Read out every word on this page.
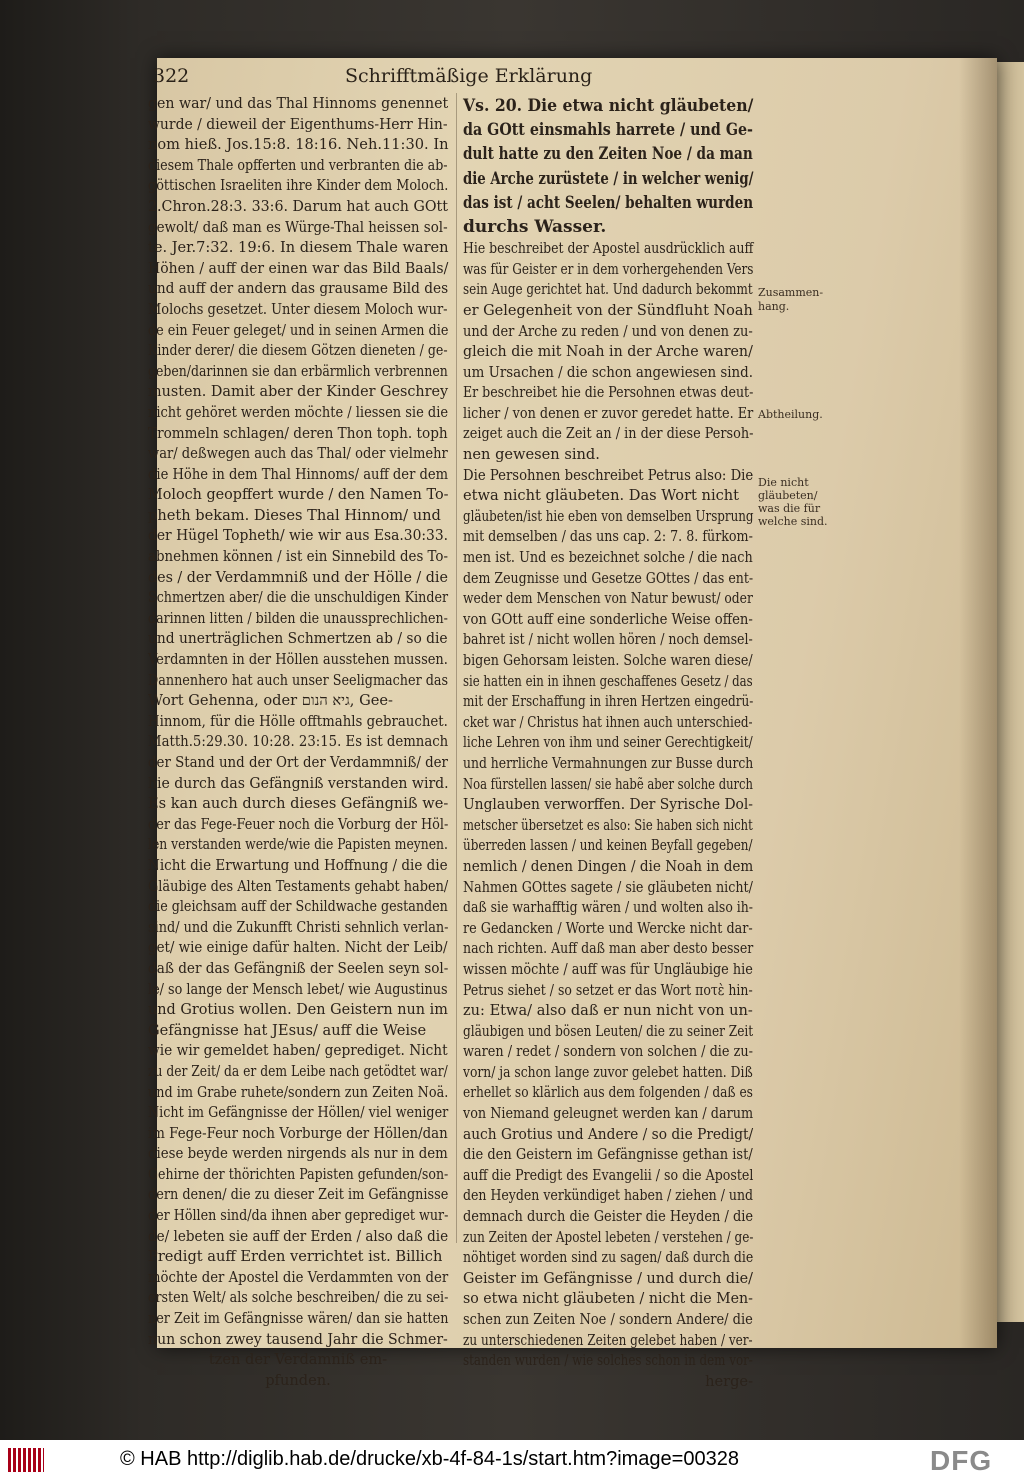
322	Schrifftmäßige Erklärung
gen war/ und das Thal Hinnoms genennet
wurde / dieweil der Eigenthums-Herr Hin-
nom hieß. Jos.15:8. 18:16. Neh.11:30. In
diesem Thale opfferten und verbranten die ab-
göttischen Israeliten ihre Kinder dem Moloch.
2.Chron.28:3. 33:6. Darum hat auch GOtt
gewolt/ daß man es Würge-Thal heissen sol-
te. Jer.7:32. 19:6. In diesem Thale waren
Höhen / auff der einen war das Bild Baals/
und auff der andern das grausame Bild des
Molochs gesetzet. Unter diesem Moloch wur-
de ein Feuer geleget/ und in seinen Armen die
Kinder derer/ die diesem Götzen dieneten / ge-
geben/darinnen sie dan erbärmlich verbrennen
musten. Damit aber der Kinder Geschrey
nicht gehöret werden möchte / liessen sie die
Trommeln schlagen/ deren Thon toph. toph
war/ deßwegen auch das Thal/ oder vielmehr
die Höhe in dem Thal Hinnoms/ auff der dem
Moloch geopffert wurde / den Namen To-
pheth bekam. Dieses Thal Hinnom/ und
der Hügel Topheth/ wie wir aus Esa.30:33.
abnehmen können / ist ein Sinnebild des To-
des / der Verdammniß und der Hölle / die
Schmertzen aber/ die die unschuldigen Kinder
darinnen litten / bilden die unaussprechlichen-
und unerträglichen Schmertzen ab / so die
Verdamnten in der Höllen ausstehen mussen.
Dannenhero hat auch unser Seeligmacher das
Wort Gehenna, oder גיא הנום, Gee-
Hinnom, für die Hölle offtmahls gebrauchet.
Matth.5:29.30. 10:28. 23:15. Es ist demnach
der Stand und der Ort der Verdammniß/ der
hie durch das Gefängniß verstanden wird.
Es kan auch durch dieses Gefängniß we-
der das Fege-Feuer noch die Vorburg der Höl-
len verstanden werde/wie die Papisten meynen.
Nicht die Erwartung und Hoffnung / die die
Gläubige des Alten Testaments gehabt haben/
die gleichsam auff der Schildwache gestanden
sind/ und die Zukunfft Christi sehnlich verlan-
get/ wie einige dafür halten. Nicht der Leib/
daß der das Gefängniß der Seelen seyn sol-
le/ so lange der Mensch lebet/ wie Augustinus
und Grotius wollen. Den Geistern nun im
Gefängnisse hat JEsus/ auff die Weise
wie wir gemeldet haben/ geprediget. Nicht
zu der Zeit/ da er dem Leibe nach getödtet war/
und im Grabe ruhete/sondern zun Zeiten Noä.
Nicht im Gefängnisse der Höllen/ viel weniger
im Fege-Feur noch Vorburge der Höllen/dan
diese beyde werden nirgends als nur in dem
Gehirne der thörichten Papisten gefunden/son-
dern denen/ die zu dieser Zeit im Gefängnisse
der Höllen sind/da ihnen aber geprediget wur-
de/ lebeten sie auff der Erden / also daß die
Predigt auff Erden verrichtet ist. Billich
möchte der Apostel die Verdammten von der
ersten Welt/ als solche beschreiben/ die zu sei-
ner Zeit im Gefängnisse wären/ dan sie hatten
nun schon zwey tausend Jahr die Schmer-
tzen der Verdamniß em-
pfunden.
Vs. 20. Die etwa nicht gläubeten/
da GOtt einsmahls harrete / und Ge-
dult hatte zu den Zeiten Noe / da man
die Arche zurüstete / in welcher wenig/
das ist / acht Seelen/ behalten wurden
durchs Wasser.
Hie beschreibet der Apostel ausdrücklich auff
was für Geister er in dem vorhergehenden Vers
sein Auge gerichtet hat. Und dadurch bekommt
er Gelegenheit von der Sündfluht Noah
und der Arche zu reden / und von denen zu-
gleich die mit Noah in der Arche waren/
um Ursachen / die schon angewiesen sind.
Er beschreibet hie die Persohnen etwas deut-
licher / von denen er zuvor geredet hatte. Er
zeiget auch die Zeit an / in der diese Persoh-
nen gewesen sind.
Die Persohnen beschreibet Petrus also: Die
etwa nicht gläubeten. Das Wort nicht
gläubeten/ist hie eben von demselben Ursprung
mit demselben / das uns cap. 2: 7. 8. fürkom-
men ist. Und es bezeichnet solche / die nach
dem Zeugnisse und Gesetze GOttes / das ent-
weder dem Menschen von Natur bewust/ oder
von GOtt auff eine sonderliche Weise offen-
bahret ist / nicht wollen hören / noch demsel-
bigen Gehorsam leisten. Solche waren diese/
sie hatten ein in ihnen geschaffenes Gesetz / das
mit der Erschaffung in ihren Hertzen eingedrü-
cket war / Christus hat ihnen auch unterschied-
liche Lehren von ihm und seiner Gerechtigkeit/
und herrliche Vermahnungen zur Busse durch
Noa fürstellen lassen/ sie habẽ aber solche durch
Unglauben verworffen. Der Syrische Dol-
metscher übersetzet es also: Sie haben sich nicht
überreden lassen / und keinen Beyfall gegeben/
nemlich / denen Dingen / die Noah in dem
Nahmen GOttes sagete / sie gläubeten nicht/
daß sie warhafftig wären / und wolten also ih-
re Gedancken / Worte und Wercke nicht dar-
nach richten. Auff daß man aber desto besser
wissen möchte / auff was für Ungläubige hie
Petrus siehet / so setzet er das Wort ποτὲ hin-
zu: Etwa/ also daß er nun nicht von un-
gläubigen und bösen Leuten/ die zu seiner Zeit
waren / redet / sondern von solchen / die zu-
vorn/ ja schon lange zuvor gelebet hatten. Diß
erhellet so klärlich aus dem folgenden / daß es
von Niemand geleugnet werden kan / darum
auch Grotius und Andere / so die Predigt/
die den Geistern im Gefängnisse gethan ist/
auff die Predigt des Evangelii / so die Apostel
den Heyden verkündiget haben / ziehen / und
demnach durch die Geister die Heyden / die
zun Zeiten der Apostel lebeten / verstehen / ge-
nöhtiget worden sind zu sagen/ daß durch die
Geister im Gefängnisse / und durch die/
so etwa nicht gläubeten / nicht die Men-
schen zun Zeiten Noe / sondern Andere/ die
zu unterschiedenen Zeiten gelebet haben / ver-
standen wurden / wie solches schon in dem vor-
herge-
Zusammen-
hang.
Abtheilung.
Die nicht
gläubeten/
was die für
welche sind.
© HAB http://diglib.hab.de/drucke/xb-4f-84-1s/start.htm?image=00328	DFG
